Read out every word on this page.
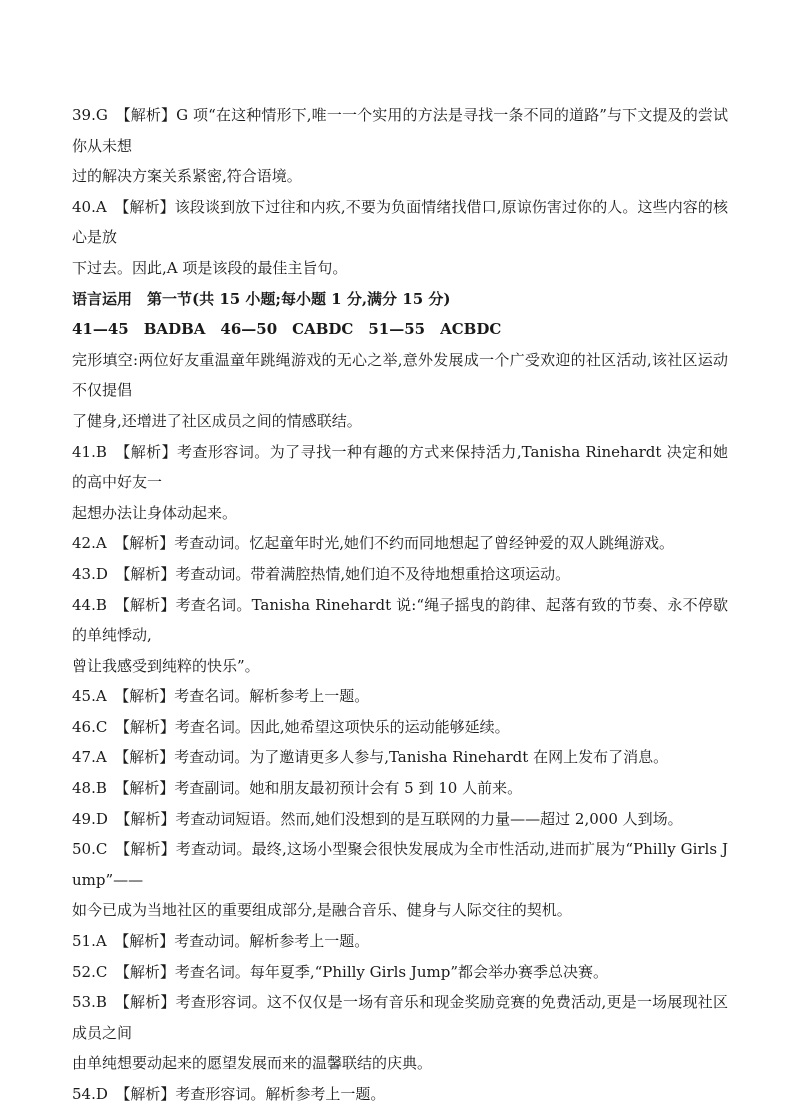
39.G　【解析】G 项“在这种情形下,唯一一个实用的方法是寻找一条不同的道路”与下文提及的尝试你从未想
过的解决方案关系紧密,符合语境。
40.A　【解析】该段谈到放下过往和内疚,不要为负面情绪找借口,原谅伤害过你的人。这些内容的核心是放
下过去。因此,A 项是该段的最佳主旨句。
语言运用　第一节(共 15 小题;每小题 1 分,满分 15 分)
41—45　BADBA　46—50　CABDC　51—55　ACBDC
完形填空:两位好友重温童年跳绳游戏的无心之举,意外发展成一个广受欢迎的社区活动,该社区运动不仅提倡
了健身,还增进了社区成员之间的情感联结。
41.B　【解析】考查形容词。为了寻找一种有趣的方式来保持活力,Tanisha Rinehardt 决定和她的高中好友一
起想办法让身体动起来。
42.A　【解析】考查动词。忆起童年时光,她们不约而同地想起了曾经钟爱的双人跳绳游戏。
43.D　【解析】考查动词。带着满腔热情,她们迫不及待地想重拾这项运动。
44.B　【解析】考查名词。Tanisha Rinehardt 说:“绳子摇曳的韵律、起落有致的节奏、永不停歇的单纯悸动,
曾让我感受到纯粹的快乐”。
45.A　【解析】考查名词。解析参考上一题。
46.C　【解析】考查名词。因此,她希望这项快乐的运动能够延续。
47.A　【解析】考查动词。为了邀请更多人参与,Tanisha Rinehardt 在网上发布了消息。
48.B　【解析】考查副词。她和朋友最初预计会有 5 到 10 人前来。
49.D　【解析】考查动词短语。然而,她们没想到的是互联网的力量——超过 2,000 人到场。
50.C　【解析】考查动词。最终,这场小型聚会很快发展成为全市性活动,进而扩展为“Philly Girls Jump”——
如今已成为当地社区的重要组成部分,是融合音乐、健身与人际交往的契机。
51.A　【解析】考查动词。解析参考上一题。
52.C　【解析】考查名词。每年夏季,“Philly Girls Jump”都会举办赛季总决赛。
53.B　【解析】考查形容词。这不仅仅是一场有音乐和现金奖励竞赛的免费活动,更是一场展现社区成员之间
由单纯想要动起来的愿望发展而来的温馨联结的庆典。
54.D　【解析】考查形容词。解析参考上一题。
